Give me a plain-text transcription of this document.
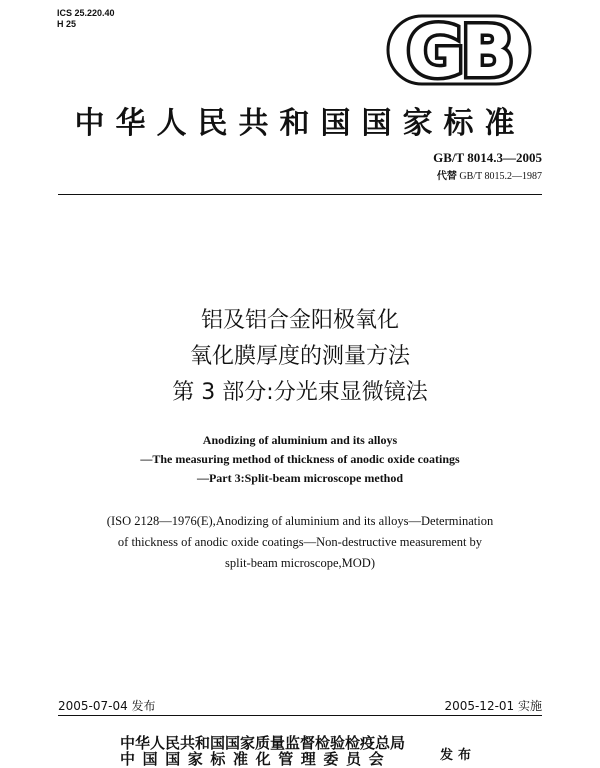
ICS 25.220.40
H 25	GB
中华人民共和国国家标准
GB/T 8014.3—2005
代替 GB/T 8015.2—1987
铝及铝合金阳极氧化
氧化膜厚度的测量方法
第 3 部分:分光束显微镜法
Anodizing of aluminium and its alloys
—The measuring method of thickness of anodic oxide coatings
—Part 3:Split-beam microscope method
(ISO 2128—1976(E),Anodizing of aluminium and its alloys—Determination
of thickness of anodic oxide coatings—Non-destructive measurement by
split-beam microscope,MOD)
2005-07-04 发布	2005-12-01 实施
中华人民共和国国家质量监督检验检疫总局
中国国家标准化管理委员会	发布
